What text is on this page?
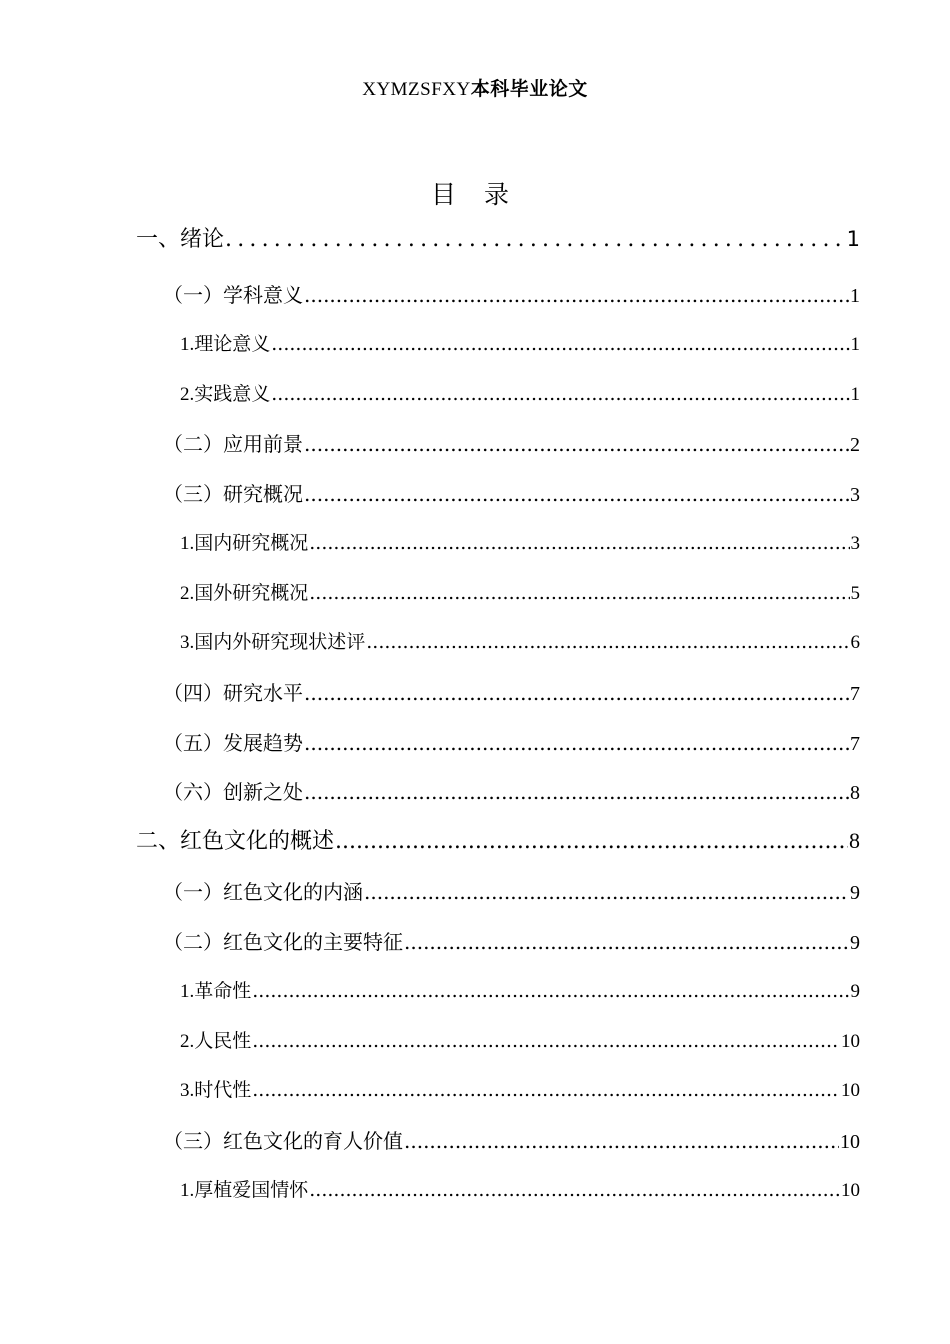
XYMZSFXY本科毕业论文
目 录
一、绪论 .....	1
（一）学科意义 .....	1
1.理论意义 .....	1
2.实践意义 .....	1
（二）应用前景 .....	2
（三）研究概况 .....	3
1.国内研究概况 .....	3
2.国外研究概况 .....	5
3.国内外研究现状述评 .....	6
（四）研究水平 .....	7
（五）发展趋势 .....	7
（六）创新之处 .....	8
二、红色文化的概述 .....	8
（一）红色文化的内涵 .....	9
（二）红色文化的主要特征 .....	9
1.革命性 .....	9
2.人民性 .....	10
3.时代性 .....	10
（三）红色文化的育人价值 .....	10
1.厚植爱国情怀 .....	10
